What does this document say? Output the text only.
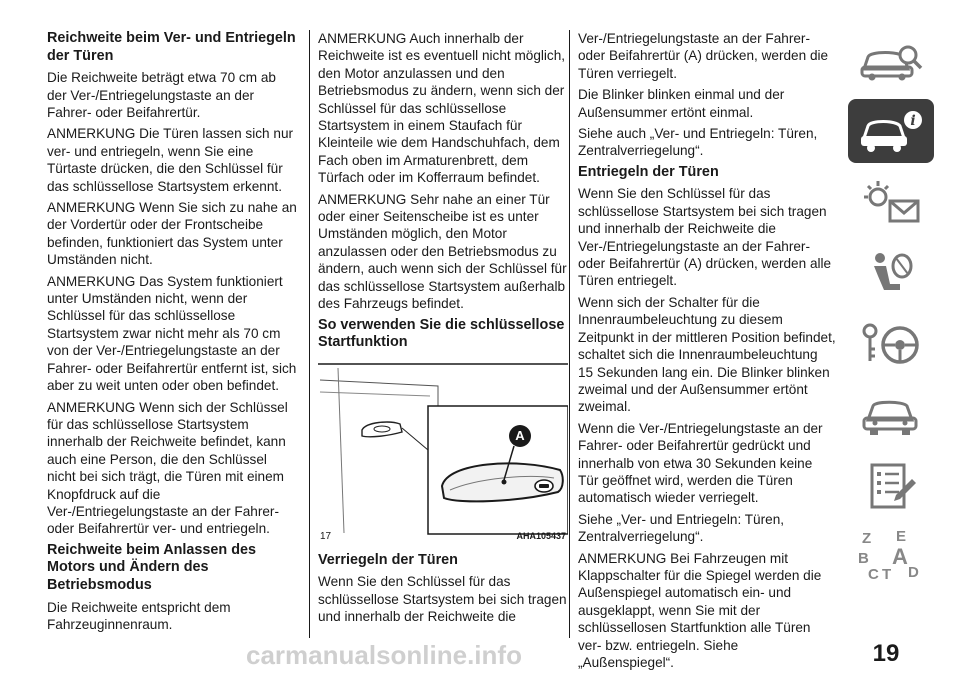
Reichweite beim Ver- und Entriegeln der Türen

Die Reichweite beträgt etwa 70 cm ab der Ver-/Entriegelungstaste an der Fahrer- oder Beifahrertür.

ANMERKUNG Die Türen lassen sich nur ver- und entriegeln, wenn Sie eine Türtaste drücken, die den Schlüssel für das schlüssellose Startsystem erkennt.

ANMERKUNG Wenn Sie sich zu nahe an der Vordertür oder der Frontscheibe befinden, funktioniert das System unter Umständen nicht.

ANMERKUNG Das System funktioniert unter Umständen nicht, wenn der Schlüssel für das schlüssellose Startsystem zwar nicht mehr als 70 cm von der Ver-/Entriegelungstaste an der Fahrer- oder Beifahrertür entfernt ist, sich aber zu weit unten oder oben befindet.

ANMERKUNG Wenn sich der Schlüssel für das schlüssellose Startsystem innerhalb der Reichweite befindet, kann auch eine Person, die den Schlüssel nicht bei sich trägt, die Türen mit einem Knopfdruck auf die Ver-/Entriegelungstaste an der Fahrer- oder Beifahrertür ver- und entriegeln.

Reichweite beim Anlassen des Motors und Ändern des Betriebsmodus

Die Reichweite entspricht dem Fahrzeuginnenraum.

ANMERKUNG Auch innerhalb der Reichweite ist es eventuell nicht möglich, den Motor anzulassen und den Betriebsmodus zu ändern, wenn sich der Schlüssel für das schlüssellose Startsystem in einem Staufach für Kleinteile wie dem Handschuhfach, dem Fach oben im Armaturenbrett, dem Türfach oder im Kofferraum befindet.

ANMERKUNG Sehr nahe an einer Tür oder einer Seitenscheibe ist es unter Umständen möglich, den Motor anzulassen oder den Betriebsmodus zu ändern, auch wenn sich der Schlüssel für das schlüssellose Startsystem außerhalb des Fahrzeugs befindet.

So verwenden Sie die schlüssellose Startfunktion
A
17	AHA105437
Verriegeln der Türen

Wenn Sie den Schlüssel für das schlüssellose Startsystem bei sich tragen und innerhalb der Reichweite die

Ver-/Entriegelungstaste an der Fahrer- oder Beifahrertür (A) drücken, werden die Türen verriegelt.

Die Blinker blinken einmal und der Außensummer ertönt einmal.

Siehe auch „Ver- und Entriegeln: Türen, Zentralverriegelung“.

Entriegeln der Türen

Wenn Sie den Schlüssel für das schlüssellose Startsystem bei sich tragen und innerhalb der Reichweite die Ver-/Entriegelungstaste an der Fahrer- oder Beifahrertür (A) drücken, werden alle Türen entriegelt.

Wenn sich der Schalter für die Innenraumbeleuchtung zu diesem Zeitpunkt in der mittleren Position befindet, schaltet sich die Innenraumbeleuchtung 15 Sekunden lang ein. Die Blinker blinken zweimal und der Außensummer ertönt zweimal.

Wenn die Ver-/Entriegelungstaste an der Fahrer- oder Beifahrertür gedrückt und innerhalb von etwa 30 Sekunden keine Tür geöffnet wird, werden die Türen automatisch wieder verriegelt.

Siehe „Ver- und Entriegeln: Türen, Zentralverriegelung“.

ANMERKUNG Bei Fahrzeugen mit Klappschalter für die Spiegel werden die Außenspiegel automatisch ein- und ausgeklappt, wenn Sie mit der schlüssellosen Startfunktion alle Türen ver- bzw. entriegeln. Siehe „Außenspiegel“.

i
Z E
B A
C T D
19
carmanualsonline.info
